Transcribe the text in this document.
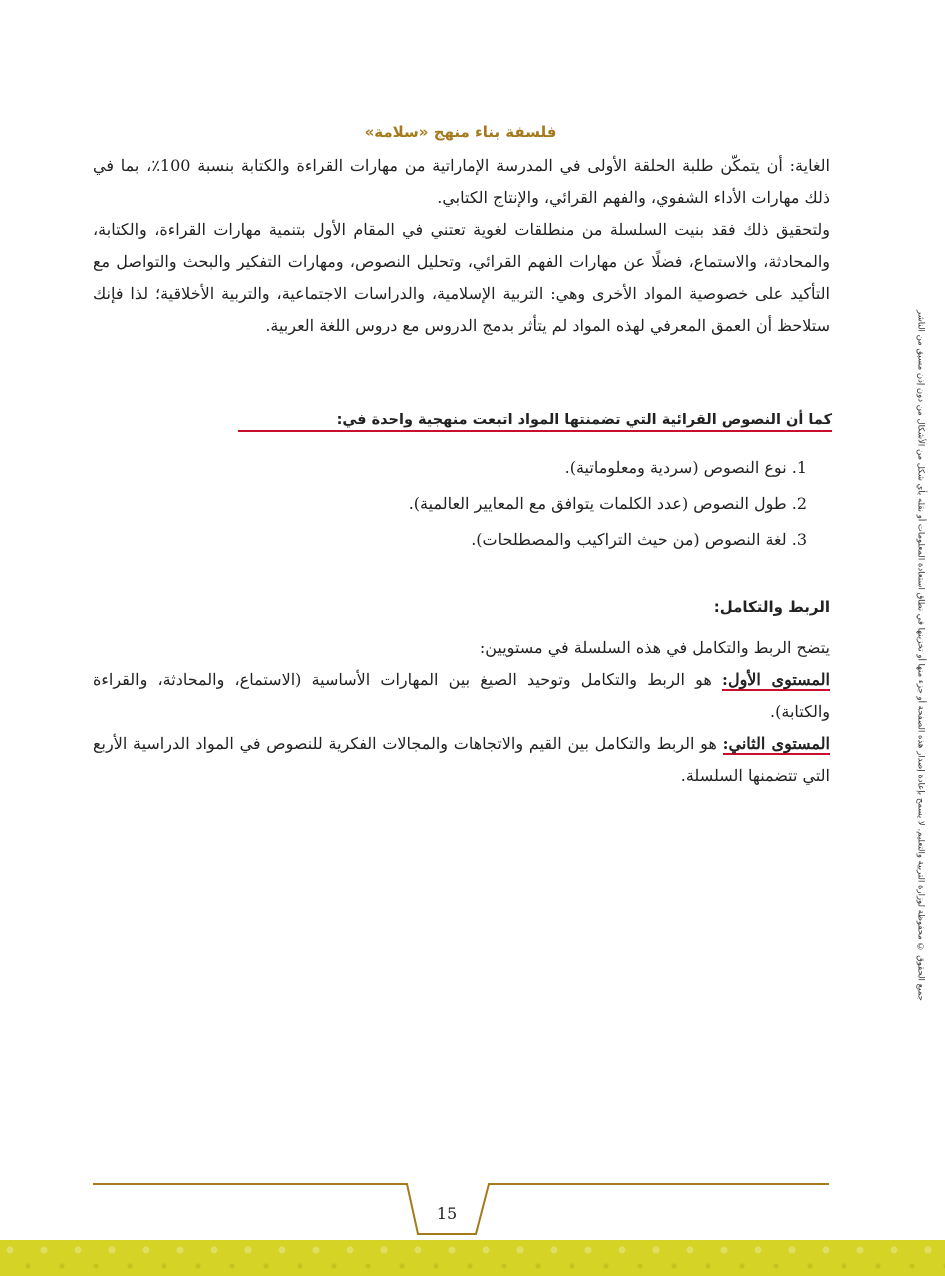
فلسفة بناء منهج «سلامة»

الغاية: أن يتمكّن طلبة الحلقة الأولى في المدرسة الإماراتية من مهارات القراءة والكتابة بنسبة 100٪، بما في ذلك مهارات الأداء الشفوي، والفهم القرائي، والإنتاج الكتابي.

ولتحقيق ذلك فقد بنيت السلسلة من منطلقات لغوية تعتني في المقام الأول بتنمية مهارات القراءة، والكتابة، والمحادثة، والاستماع، فضلًا عن مهارات الفهم القرائي، وتحليل النصوص، ومهارات التفكير والبحث والتواصل مع التأكيد على خصوصية المواد الأخرى وهي: التربية الإسلامية، والدراسات الاجتماعية، والتربية الأخلاقية؛ لذا فإنك ستلاحظ أن العمق المعرفي لهذه المواد لم يتأثر بدمج الدروس مع دروس اللغة العربية.

كما أن النصوص القرائية التي تضمنتها المواد اتبعت منهجية واحدة في:
1. نوع النصوص (سردية ومعلوماتية).
2. طول النصوص (عدد الكلمات يتوافق مع المعايير العالمية).
3. لغة النصوص (من حيث التراكيب والمصطلحات).
الربط والتكامل:

يتضح الربط والتكامل في هذه السلسلة في مستويين:

المستوى الأول: هو الربط والتكامل وتوحيد الصيغ بين المهارات الأساسية (الاستماع، والمحادثة، والقراءة والكتابة).

المستوى الثاني: هو الربط والتكامل بين القيم والاتجاهات والمجالات الفكرية للنصوص في المواد الدراسية الأربع التي تتضمنها السلسلة.	جميع الحقوق © محفوظة لوزارة التربية والتعليم. لا يسمح بإعادة إصدار هذه الصفحة أو جزء منها أو تخزينها في نطاق استعادة المعلومات أو نقله بأي شكل من الأشكال من دون إذن مسبق من الناشر
15
